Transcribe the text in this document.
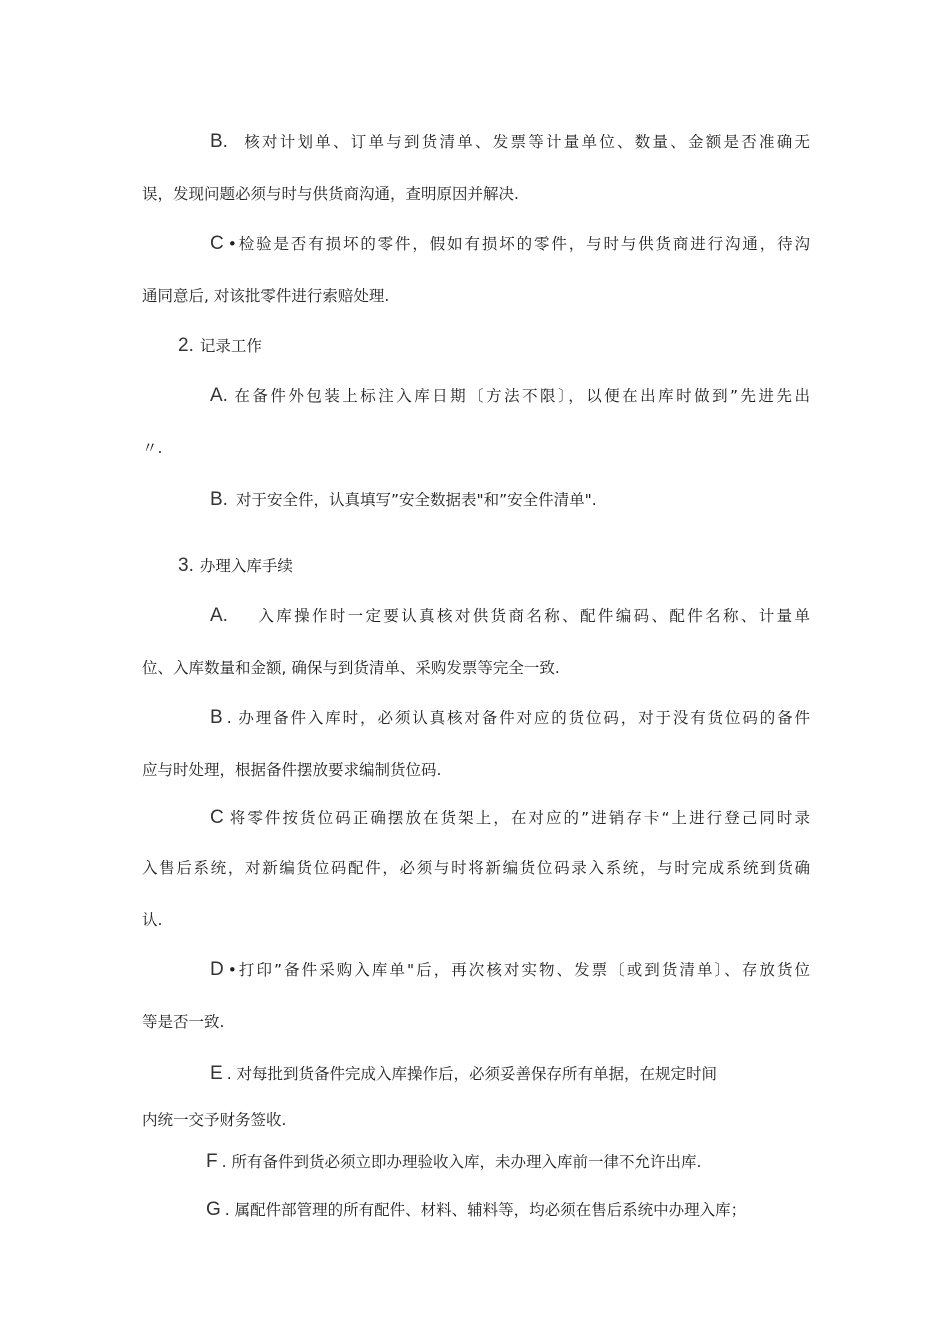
B. 核对计划单、订单与到货清单、发票等计量单位、数量、金额是否准确无
误，发现问题必须与时与供货商沟通，查明原因并解决.
C •检验是否有损坏的零件，假如有损坏的零件，与时与供货商进行沟通，待沟
通同意后, 对该批零件进行索赔处理.
2. 记录工作
A. 在备件外包装上标注入库日期〔方法不限〕，以便在出库时做到”先进先出
〃.
B. 对于安全件，认真填写”安全数据表"和”安全件清单".
3. 办理入库手续
A. 入库操作时一定要认真核对供货商名称、配件编码、配件名称、计量单
位、入库数量和金额, 确保与到货清单、采购发票等完全一致.
B . 办理备件入库时，必须认真核对备件对应的货位码，对于没有货位码的备件
应与时处理，根据备件摆放要求编制货位码.
C 将零件按货位码正确摆放在货架上，在对应的”进销存卡“上进行登己同时录
入售后系统，对新编货位码配件，必须与时将新编货位码录入系统，与时完成系统到货确
认.
D •打印”备件采购入库单"后，再次核对实物、发票〔或到货清单〕、存放货位
等是否一致.
E . 对每批到货备件完成入库操作后，必须妥善保存所有单据，在规定时间
内统一交予财务签收.
F . 所有备件到货必须立即办理验收入库，未办理入库前一律不允许出库.
G . 属配件部管理的所有配件、材料、辅料等，均必须在售后系统中办理入库；
